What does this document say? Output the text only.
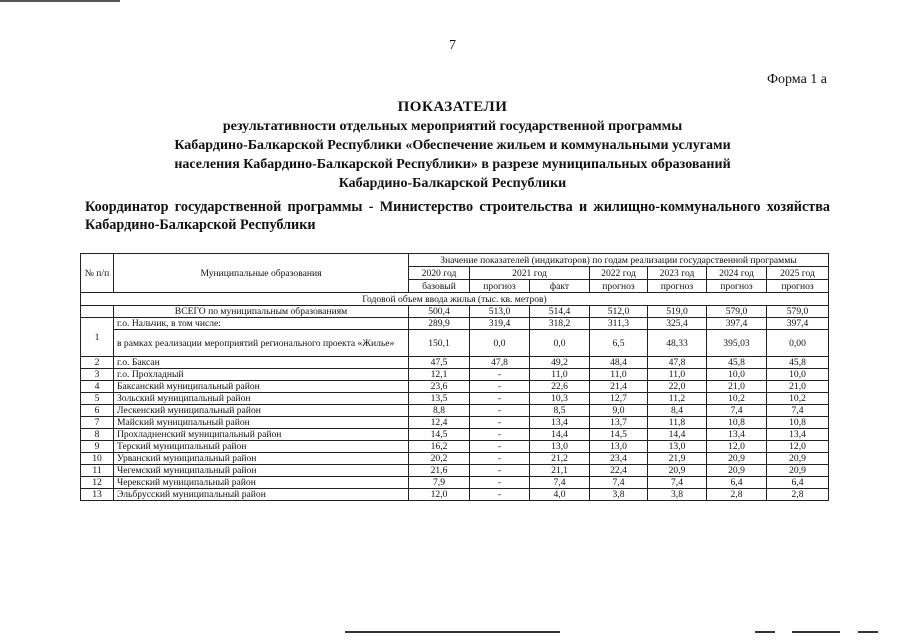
7
Форма 1 а
ПОКАЗАТЕЛИ
результативности отдельных мероприятий государственной программы
Кабардино-Балкарской Республики «Обеспечение жильем и коммунальными услугами
населения Кабардино-Балкарской Республики» в разрезе муниципальных образований
Кабардино-Балкарской Республики
Координатор государственной программы - Министерство строительства и жилищно-коммунального хозяйства Кабардино-Балкарской Республики
№ п/п	Муниципальные образования	Значение показателей (индикаторов) по годам реализации государственной программы						
		2020 год	2021 год		2022 год	2023 год	2024 год	2025 год
		базовый	прогноз	факт	прогноз	прогноз	прогноз	прогноз
Годовой объем ввода жилья (тыс. кв. метров)								
	ВСЕГО по муниципальным образованиям	500,4	513,0	514,4	512,0	519,0	579,0	579,0
1	г.о. Нальчик, в том числе:	289,9	319,4	318,2	311,3	325,4	397,4	397,4
	в рамках реализации мероприятий регионального проекта «Жилье»	150,1	0,0	0,0	6,5	48,33	395,03	0,00
2	г.о. Баксан	47,5	47,8	49,2	48,4	47,8	45,8	45,8
3	г.о. Прохладный	12,1	-	11,0	11,0	11,0	10,0	10,0
4	Баксанский муниципальный район	23,6	-	22,6	21,4	22,0	21,0	21,0
5	Зольский муниципальный район	13,5	-	10,3	12,7	11,2	10,2	10,2
6	Лескенский муниципальный район	8,8	-	8,5	9,0	8,4	7,4	7,4
7	Майский муниципальный район	12,4	-	13,4	13,7	11,8	10,8	10,8
8	Прохладненский муниципальный район	14,5	-	14,4	14,5	14,4	13,4	13,4
9	Терский муниципальный район	16,2	-	13,0	13,0	13,0	12,0	12,0
10	Урванский муниципальный район	20,2	-	21,2	23,4	21,9	20,9	20,9
11	Чегемский муниципальный район	21,6	-	21,1	22,4	20,9	20,9	20,9
12	Черекский муниципальный район	7,9	-	7,4	7,4	7,4	6,4	6,4
13	Эльбрусский муниципальный район	12,0	-	4,0	3,8	3,8	2,8	2,8
